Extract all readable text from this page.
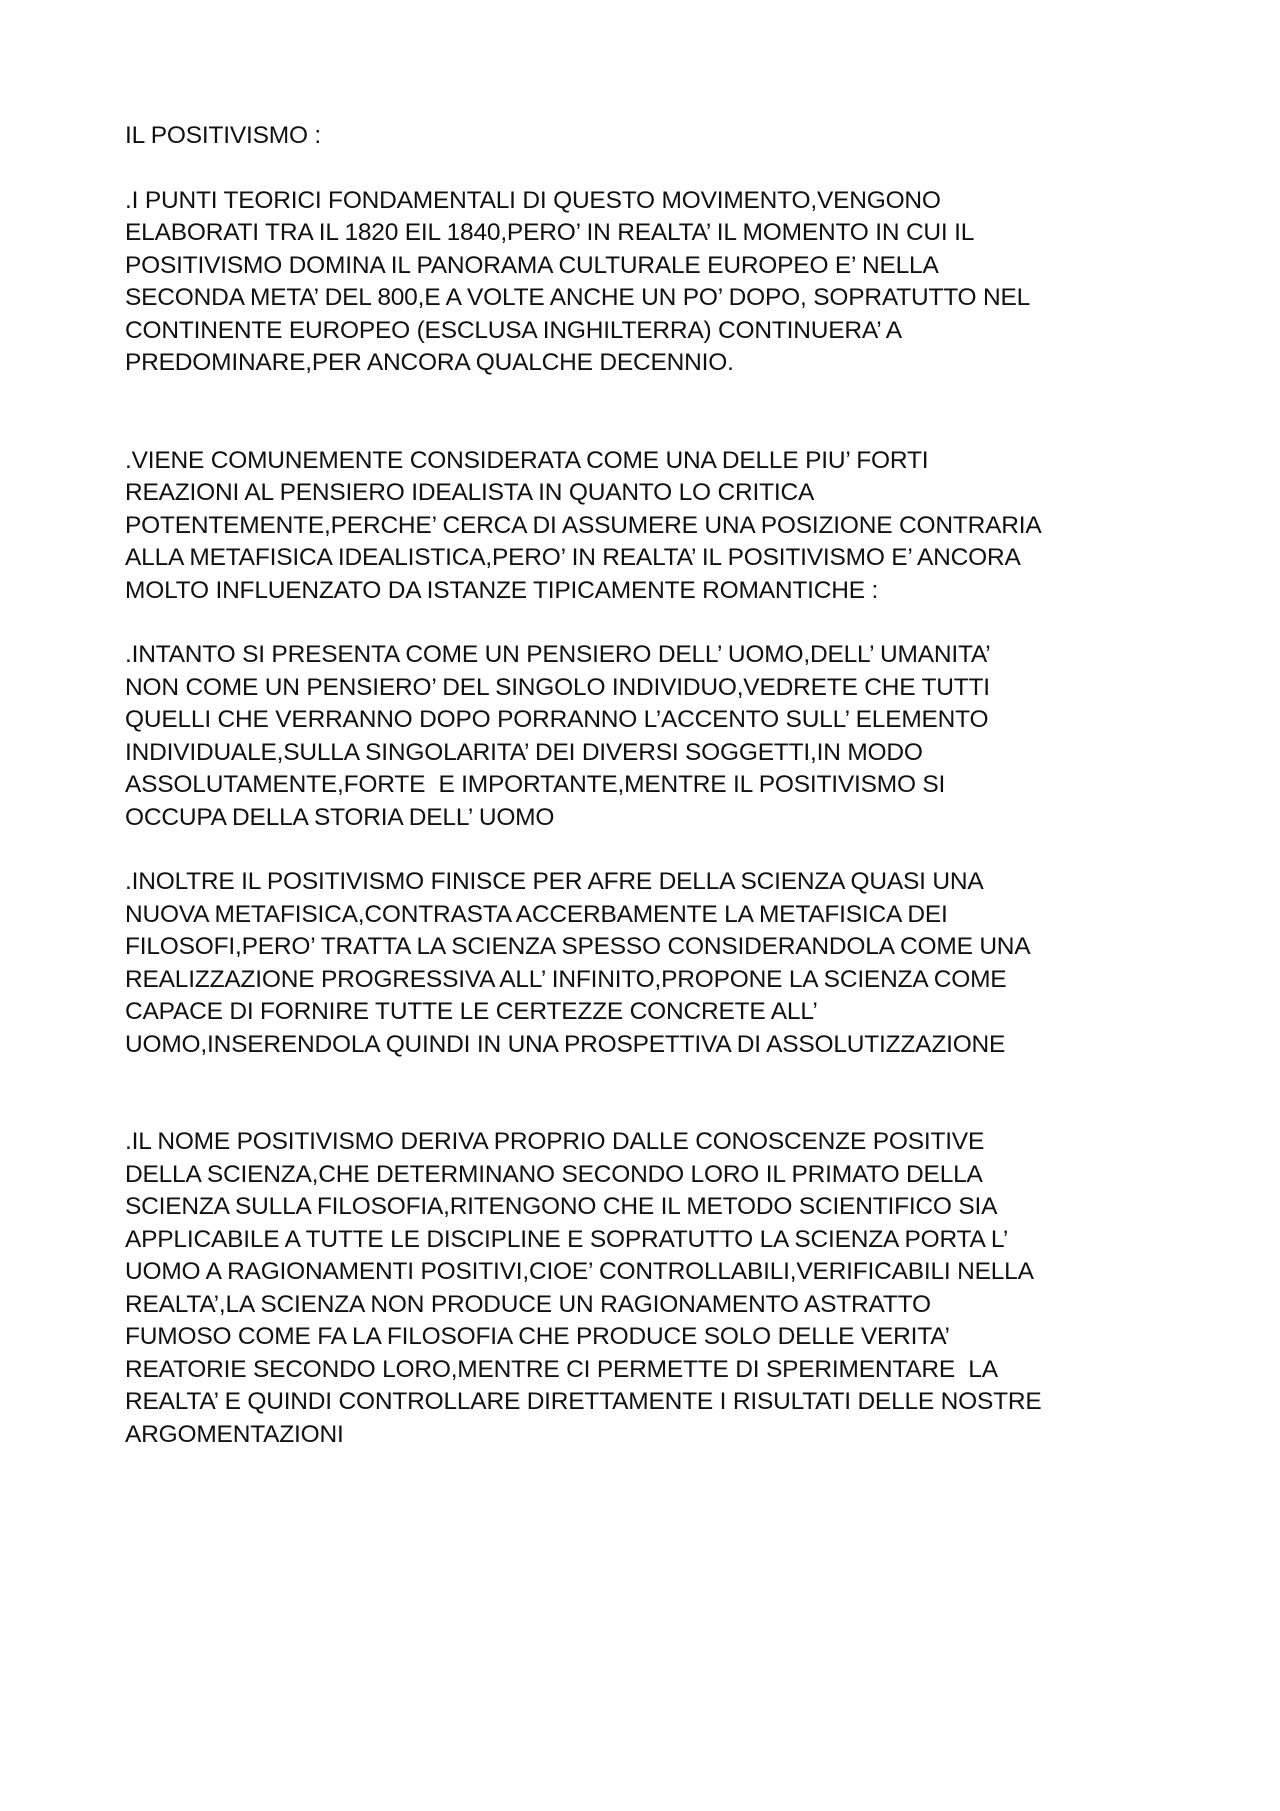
IL POSITIVISMO :
.I PUNTI TEORICI FONDAMENTALI DI QUESTO MOVIMENTO,VENGONO
ELABORATI TRA IL 1820 EIL 1840,PERO’ IN REALTA’ IL MOMENTO IN CUI IL
POSITIVISMO DOMINA IL PANORAMA CULTURALE EUROPEO E’ NELLA
SECONDA META’ DEL 800,E A VOLTE ANCHE UN PO’ DOPO, SOPRATUTTO NEL
CONTINENTE EUROPEO (ESCLUSA INGHILTERRA) CONTINUERA’ A
PREDOMINARE,PER ANCORA QUALCHE DECENNIO.
.VIENE COMUNEMENTE CONSIDERATA COME UNA DELLE PIU’ FORTI
REAZIONI AL PENSIERO IDEALISTA IN QUANTO LO CRITICA
POTENTEMENTE,PERCHE’ CERCA DI ASSUMERE UNA POSIZIONE CONTRARIA
ALLA METAFISICA IDEALISTICA,PERO’ IN REALTA’ IL POSITIVISMO E’ ANCORA
MOLTO INFLUENZATO DA ISTANZE TIPICAMENTE ROMANTICHE :
.INTANTO SI PRESENTA COME UN PENSIERO DELL’ UOMO,DELL’ UMANITA’
NON COME UN PENSIERO’ DEL SINGOLO INDIVIDUO,VEDRETE CHE TUTTI
QUELLI CHE VERRANNO DOPO PORRANNO L’ACCENTO SULL’ ELEMENTO
INDIVIDUALE,SULLA SINGOLARITA’ DEI DIVERSI SOGGETTI,IN MODO
ASSOLUTAMENTE,FORTE  E IMPORTANTE,MENTRE IL POSITIVISMO SI
OCCUPA DELLA STORIA DELL’ UOMO
.INOLTRE IL POSITIVISMO FINISCE PER AFRE DELLA SCIENZA QUASI UNA
NUOVA METAFISICA,CONTRASTA ACCERBAMENTE LA METAFISICA DEI
FILOSOFI,PERO’ TRATTA LA SCIENZA SPESSO CONSIDERANDOLA COME UNA
REALIZZAZIONE PROGRESSIVA ALL’ INFINITO,PROPONE LA SCIENZA COME
CAPACE DI FORNIRE TUTTE LE CERTEZZE CONCRETE ALL’
UOMO,INSERENDOLA QUINDI IN UNA PROSPETTIVA DI ASSOLUTIZZAZIONE
.IL NOME POSITIVISMO DERIVA PROPRIO DALLE CONOSCENZE POSITIVE
DELLA SCIENZA,CHE DETERMINANO SECONDO LORO IL PRIMATO DELLA
SCIENZA SULLA FILOSOFIA,RITENGONO CHE IL METODO SCIENTIFICO SIA
APPLICABILE A TUTTE LE DISCIPLINE E SOPRATUTTO LA SCIENZA PORTA L’
UOMO A RAGIONAMENTI POSITIVI,CIOE’ CONTROLLABILI,VERIFICABILI NELLA
REALTA’,LA SCIENZA NON PRODUCE UN RAGIONAMENTO ASTRATTO
FUMOSO COME FA LA FILOSOFIA CHE PRODUCE SOLO DELLE VERITA’
REATORIE SECONDO LORO,MENTRE CI PERMETTE DI SPERIMENTARE  LA
REALTA’ E QUINDI CONTROLLARE DIRETTAMENTE I RISULTATI DELLE NOSTRE
ARGOMENTAZIONI
